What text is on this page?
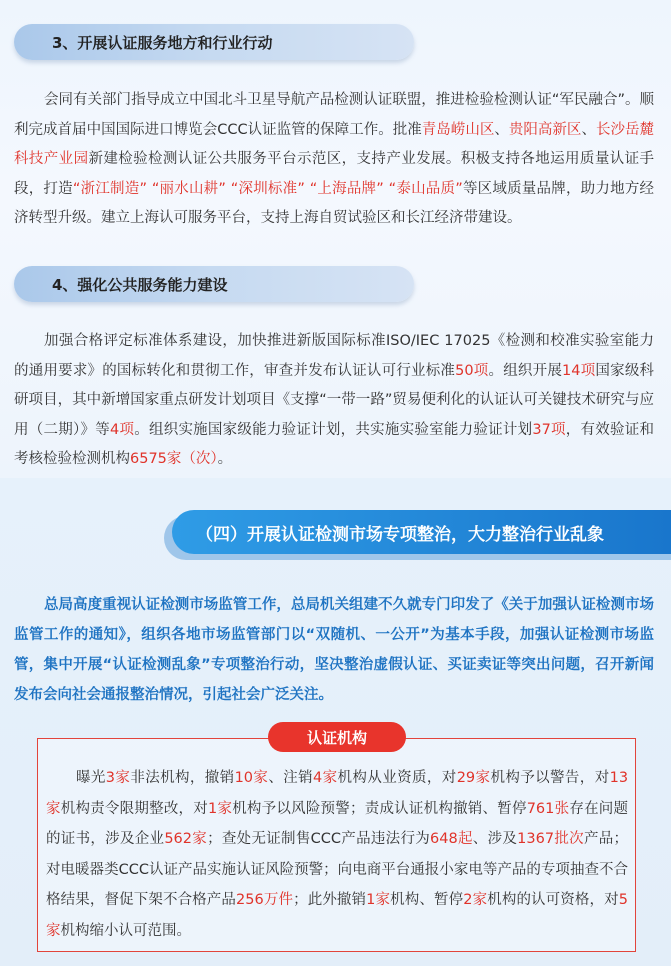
3、开展认证服务地方和行业行动
会同有关部门指导成立中国北斗卫星导航产品检测认证联盟，推进检验检测认证“军民融合”。顺利完成首届中国国际进口博览会CCC认证监管的保障工作。批准青岛崂山区、贵阳高新区、长沙岳麓科技产业园新建检验检测认证公共服务平台示范区，支持产业发展。积极支持各地运用质量认证手段，打造“浙江制造” “丽水山耕” “深圳标准” “上海品牌” “泰山品质”等区域质量品牌，助力地方经济转型升级。建立上海认可服务平台，支持上海自贸试验区和长江经济带建设。
4、强化公共服务能力建设
加强合格评定标准体系建设，加快推进新版国际标准ISO/IEC 17025《检测和校准实验室能力的通用要求》的国标转化和贯彻工作，审查并发布认证认可行业标准50项。组织开展14项国家级科研项目，其中新增国家重点研发计划项目《支撑“一带一路”贸易便利化的认证认可关键技术研究与应用（二期）》等4项。组织实施国家级能力验证计划，共实施实验室能力验证计划37项，有效验证和考核检验检测机构6575家（次）。
（四）开展认证检测市场专项整治，大力整治行业乱象
总局高度重视认证检测市场监管工作，总局机关组建不久就专门印发了《关于加强认证检测市场监管工作的通知》，组织各地市场监管部门以“双随机、一公开”为基本手段，加强认证检测市场监管，集中开展“认证检测乱象”专项整治行动，坚决整治虚假认证、买证卖证等突出问题，召开新闻发布会向社会通报整治情况，引起社会广泛关注。
认证机构
曝光3家非法机构，撤销10家、注销4家机构从业资质，对29家机构予以警告，对13家机构责令限期整改，对1家机构予以风险预警；责成认证机构撤销、暂停761张存在问题的证书，涉及企业562家；查处无证制售CCC产品违法行为648起、涉及1367批次产品；对电暖器类CCC认证产品实施认证风险预警；向电商平台通报小家电等产品的专项抽查不合格结果，督促下架不合格产品256万件；此外撤销1家机构、暂停2家机构的认可资格，对5家机构缩小认可范围。
